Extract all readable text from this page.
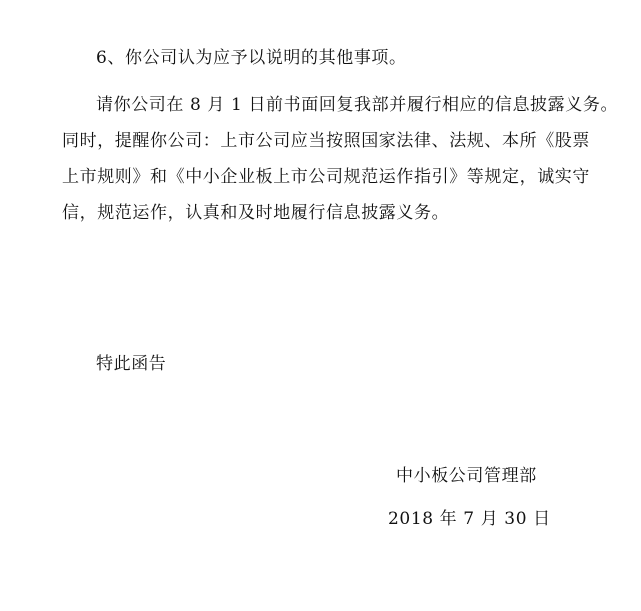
6、你公司认为应予以说明的其他事项。
请你公司在 8 月 1 日前书面回复我部并履行相应的信息披露义务。
同时，提醒你公司：上市公司应当按照国家法律、法规、本所《股票
上市规则》和《中小企业板上市公司规范运作指引》等规定，诚实守
信，规范运作，认真和及时地履行信息披露义务。
特此函告
中小板公司管理部
2018 年 7 月 30 日
